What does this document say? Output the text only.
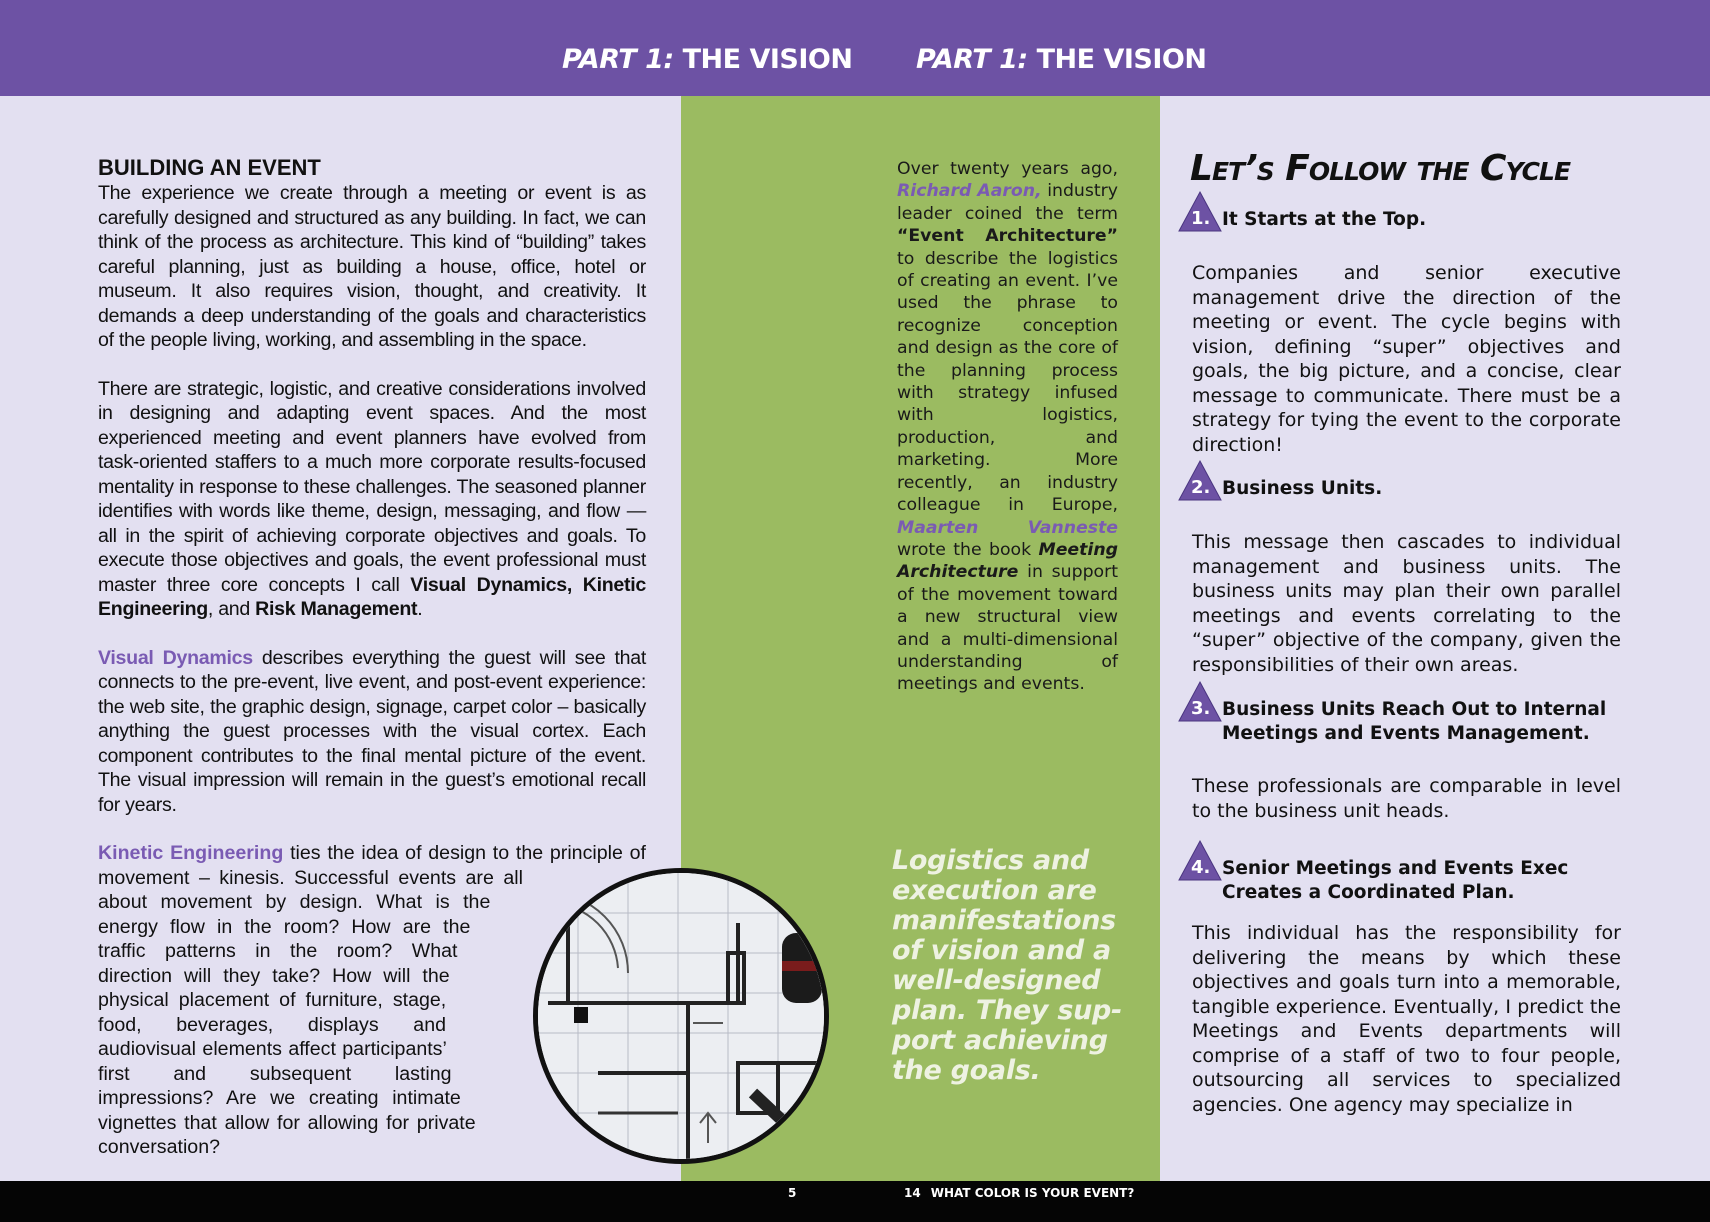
PART 1: THE VISION PART 1: THE VISION
BUILDING AN EVENT

The experience we create through a meeting or event is as carefully designed and structured as any building. In fact, we can think of the process as architecture. This kind of “building” takes careful planning, just as building a house, office, hotel or museum. It also requires vision, thought, and creativity. It demands a deep understanding of the goals and characteristics of the people living, working, and assembling in the space.

There are strategic, logistic, and creative considerations involved in designing and adapting event spaces. And the most experienced meeting and event planners have evolved from task-oriented staffers to a much more corporate results-focused mentality in response to these challenges. The seasoned planner identifies with words like theme, design, messaging, and flow — all in the spirit of achieving corporate objectives and goals. To execute those objectives and goals, the event professional must master three core concepts I call Visual Dynamics, Kinetic Engineering, and Risk Management.

Visual Dynamics describes everything the guest will see that connects to the pre-event, live event, and post-event experience: the web site, the graphic design, signage, carpet color – basically anything the guest processes with the visual cortex. Each component contributes to the final mental picture of the event. The visual impression will remain in the guest’s emotional recall for years.

Kinetic Engineering ties the idea of design to the principle of movement – kinesis. Successful events are all about movement by design. What is the energy flow in the room? How are the traffic patterns in the room? What direction will they take? How will the physical placement of furniture, stage, food, beverages, displays and audiovisual elements affect participants’ first and subsequent lasting impressions? Are we creating intimate vignettes that allow for allowing for private conversation?
Over twenty years ago, Richard Aaron, industry leader coined the term “Event Architecture” to describe the logistics of creating an event. I’ve used the phrase to recognize conception and design as the core of the planning process with strategy infused with logistics, production, and marketing. More recently, an industry colleague in Europe, Maarten Vanneste wrote the book Meeting Architecture in support of the movement toward a new structural view and a multi-dimensional understanding of meetings and events.
Logistics and execution are manifestations of vision and a well-designed plan. They sup-port achieving the goals.
Let’s Follow the Cycle
1. It Starts at the Top.
Companies and senior executive management drive the direction of the meeting or event. The cycle begins with vision, defining “super” objectives and goals, the big picture, and a concise, clear message to communicate. There must be a strategy for tying the event to the corporate direction!
2. Business Units.
This message then cascades to individual management and business units. The business units may plan their own parallel meetings and events correlating to the “super” objective of the company, given the responsibilities of their own areas.
3. Business Units Reach Out to Internal
Meetings and Events Management.
These professionals are comparable in level to the business unit heads.
4. Senior Meetings and Events Exec
Creates a Coordinated Plan.
This individual has the responsibility for delivering the means by which these objectives and goals turn into a memorable, tangible experience. Eventually, I predict the Meetings and Events departments will comprise of a staff of two to four people, outsourcing all services to specialized agencies. One agency may specialize in
5	14 WHAT COLOR IS YOUR EVENT?
